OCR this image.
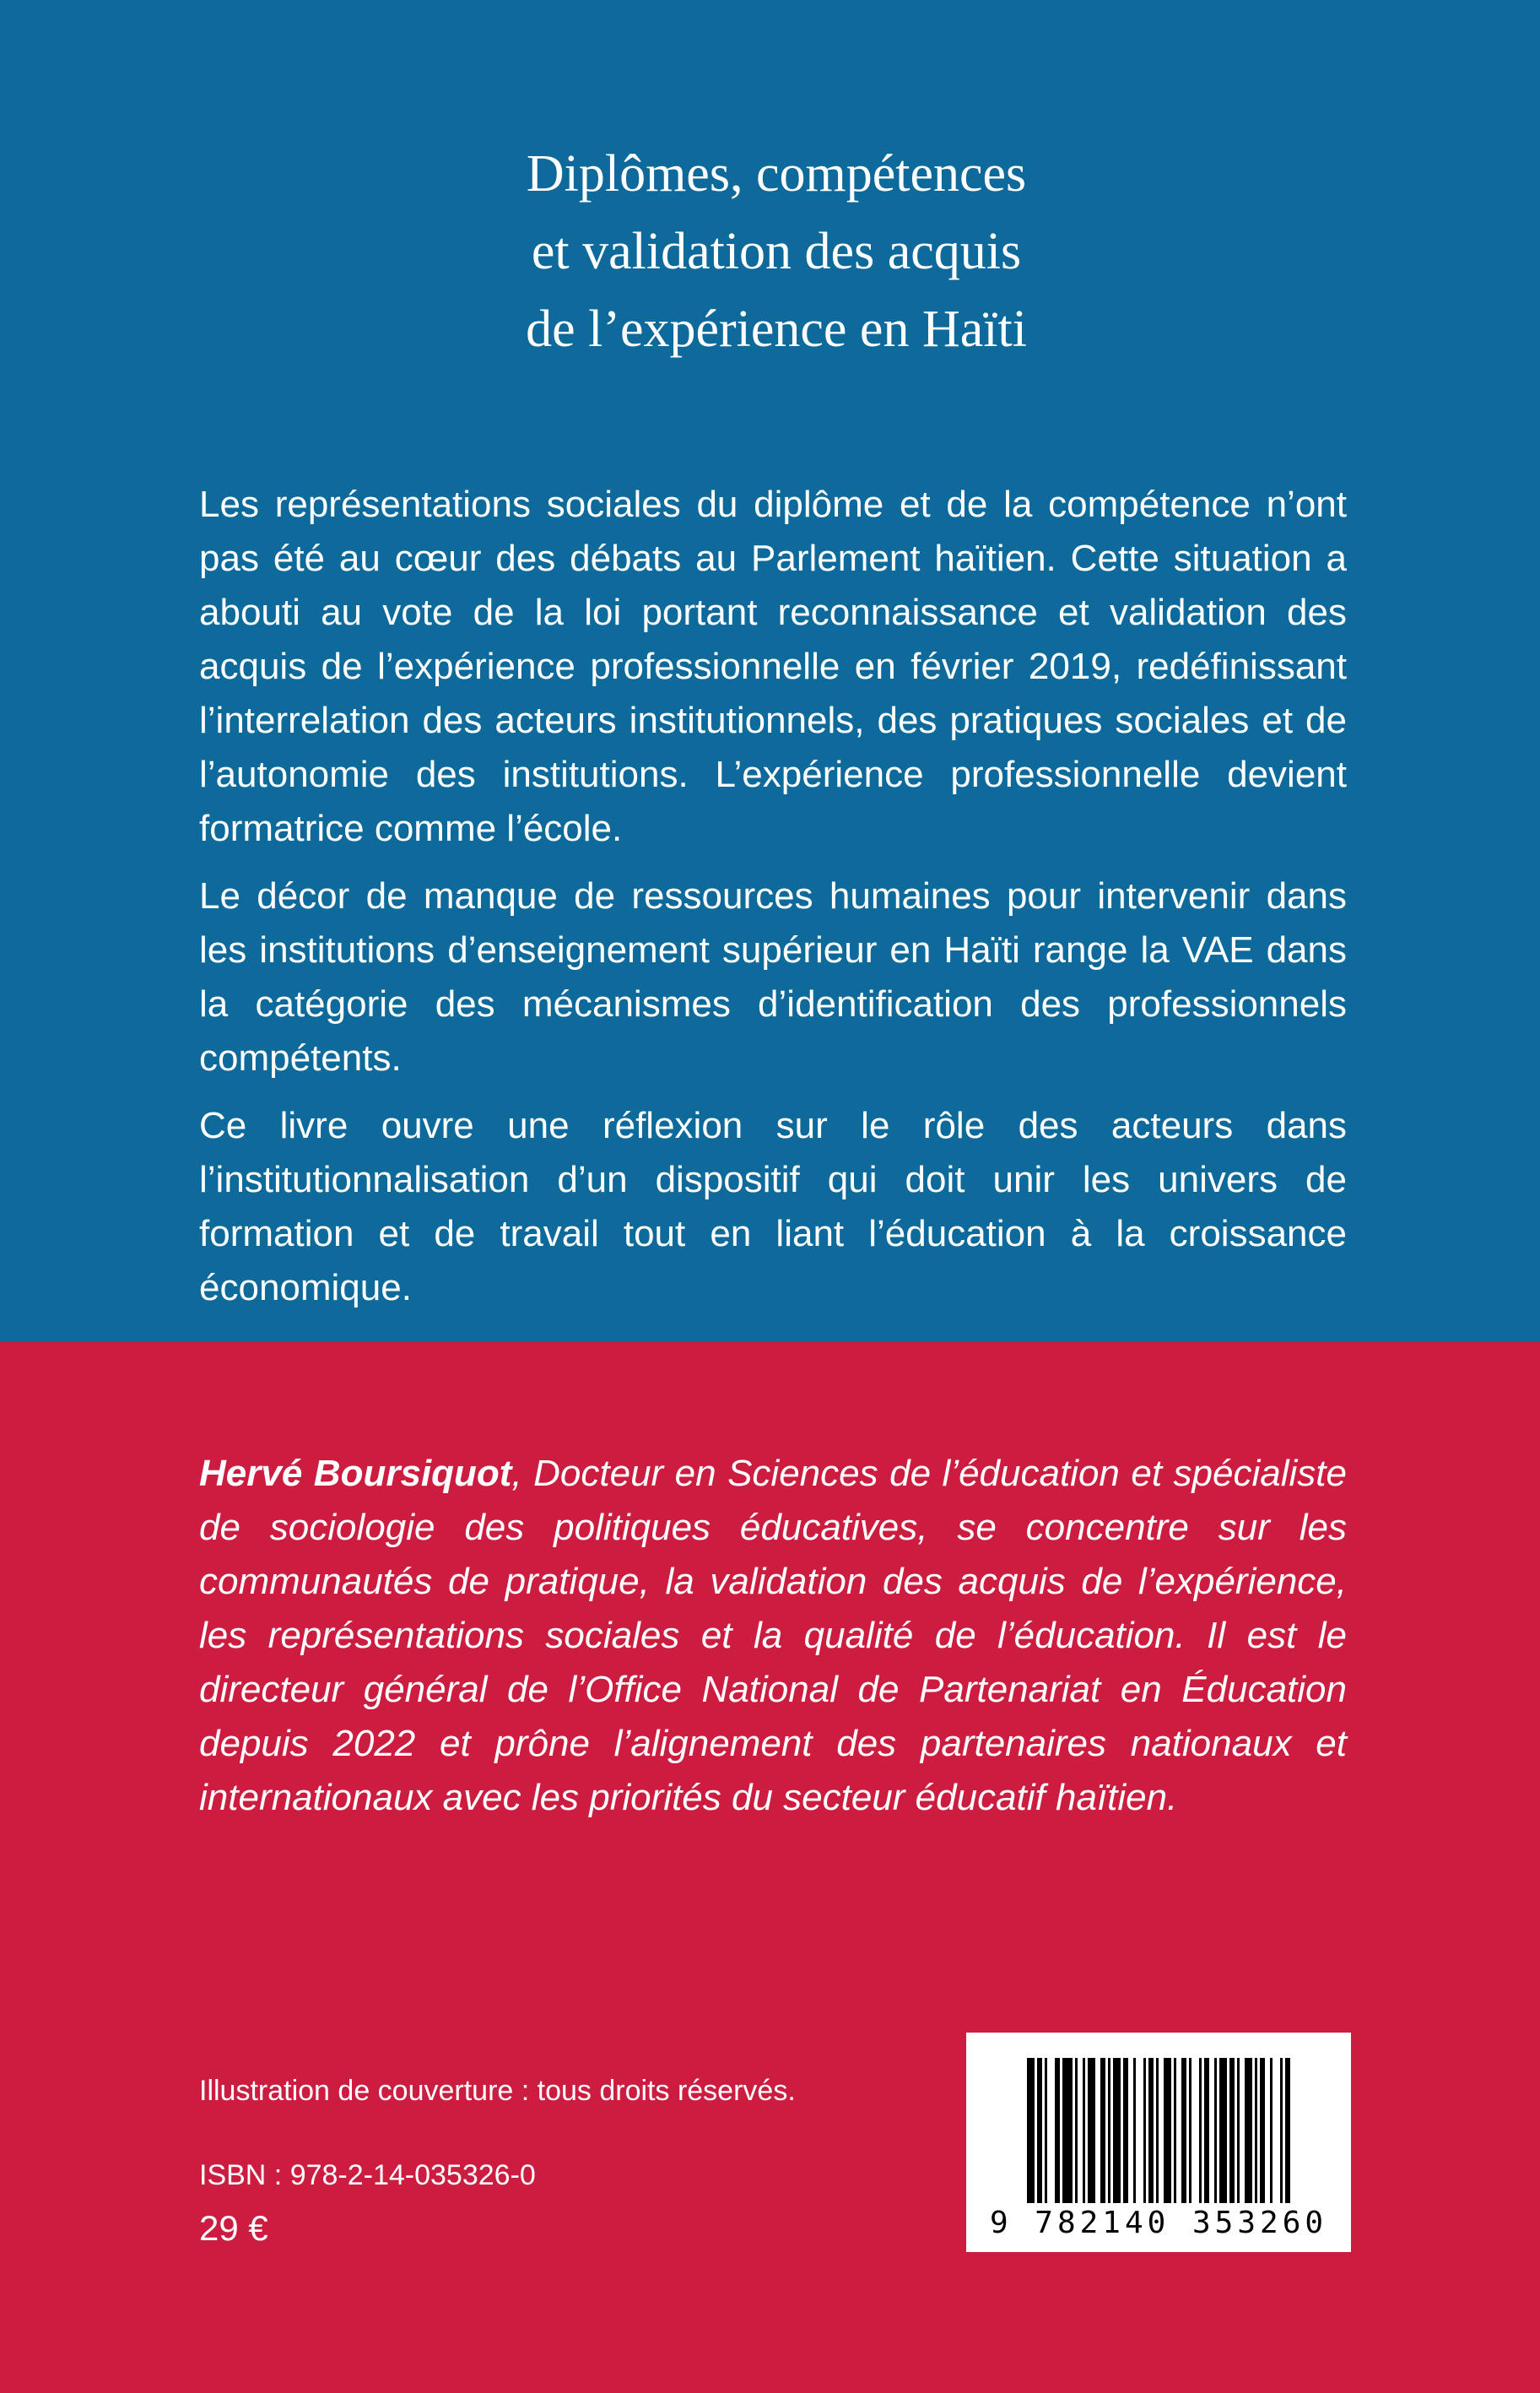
Diplômes, compétences
et validation des acquis
de l’expérience en Haïti

Les représentations sociales du diplôme et de la compétence n’ont pas été au cœur des débats au Parlement haïtien. Cette situation a abouti au vote de la loi portant reconnaissance et validation des acquis de l’expérience professionnelle en février 2019, redéfinissant l’interrelation des acteurs institutionnels, des pratiques sociales et de l’autonomie des institutions. L’expérience professionnelle devient formatrice comme l’école.

Le décor de manque de ressources humaines pour intervenir dans les institutions d’enseignement supérieur en Haïti range la VAE dans la catégorie des mécanismes d’identification des professionnels compétents.

Ce livre ouvre une réflexion sur le rôle des acteurs dans l’institutionnalisation d’un dispositif qui doit unir les univers de formation et de travail tout en liant l’éducation à la croissance économique.

Hervé Boursiquot, Docteur en Sciences de l’éducation et spécialiste de sociologie des politiques éducatives, se concentre sur les communautés de pratique, la validation des acquis de l’expérience, les représentations sociales et la qualité de l’éducation. Il est le directeur général de l’Office National de Partenariat en Éducation depuis 2022 et prône l’alignement des partenaires nationaux et internationaux avec les priorités du secteur éducatif haïtien.
Illustration de couverture : tous droits réservés.
ISBN : 978-2-14-035326-0
29 €	9 782140 353260
